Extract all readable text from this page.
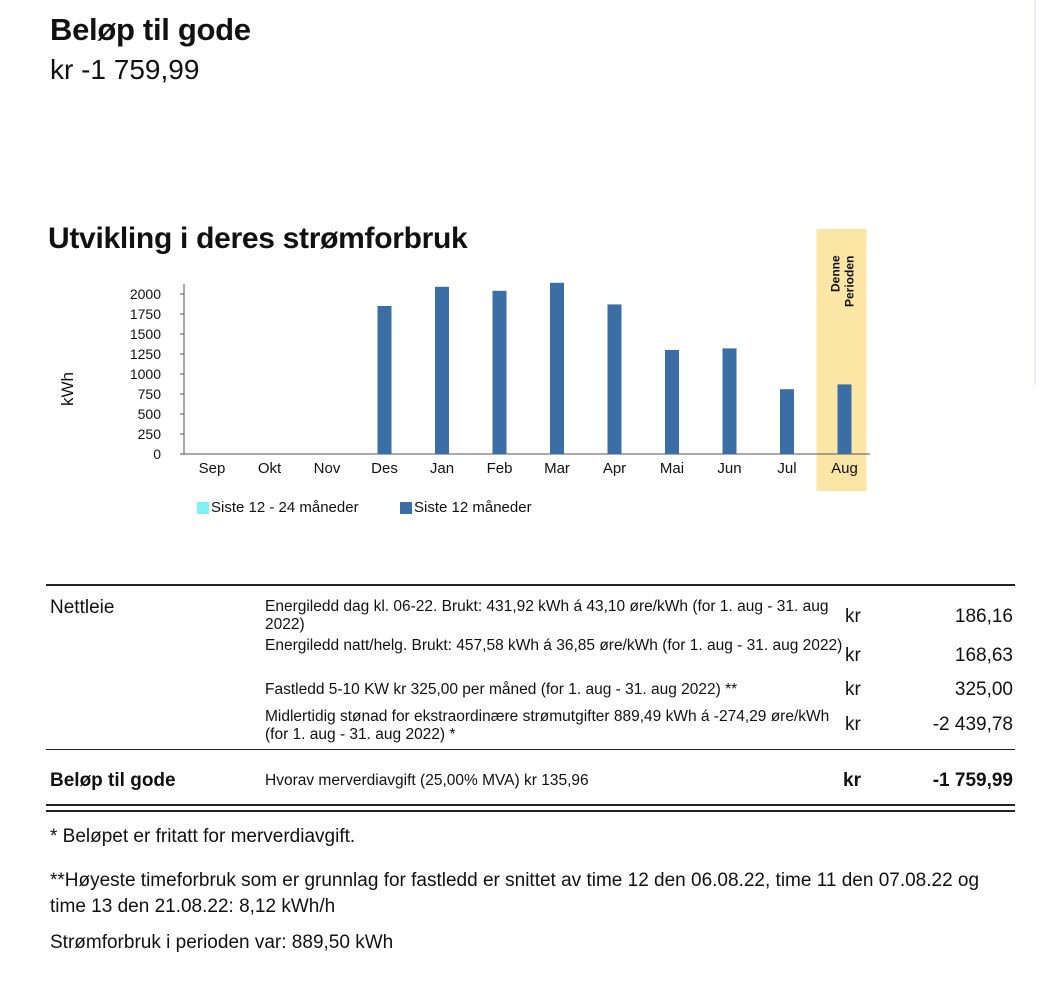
Beløp til gode
kr -1 759,99
Utvikling i deres strømforbruk
Denne Perioden
2000
1750
1500
1250
1000
750
500
250
0
kWh
Sep Okt Nov Des Jan Feb Mar Apr Mai Jun Jul Aug
Siste 12 - 24 måneder	Siste 12 måneder
Nettleie	Energiledd dag kl. 06-22. Brukt: 431,92 kWh á 43,10 øre/kWh (for 1. aug - 31. aug 2022)	kr	186,16
Energiledd natt/helg. Brukt: 457,58 kWh á 36,85 øre/kWh (for 1. aug - 31. aug 2022) kr	168,63
Fastledd 5-10 KW kr 325,00 per måned (for 1. aug - 31. aug 2022) **	kr	325,00
Midlertidig stønad for ekstraordinære strømutgifter 889,49 kWh á -274,29 øre/kWh (for 1. aug - 31. aug 2022) *	kr	-2 439,78
Beløp til gode	Hvorav merverdiavgift (25,00% MVA) kr 135,96	kr	-1 759,99
* Beløpet er fritatt for merverdiavgift.
**Høyeste timeforbruk som er grunnlag for fastledd er snittet av time 12 den 06.08.22, time 11 den 07.08.22 og time 13 den 21.08.22: 8,12 kWh/h
Strømforbruk i perioden var: 889,50 kWh
